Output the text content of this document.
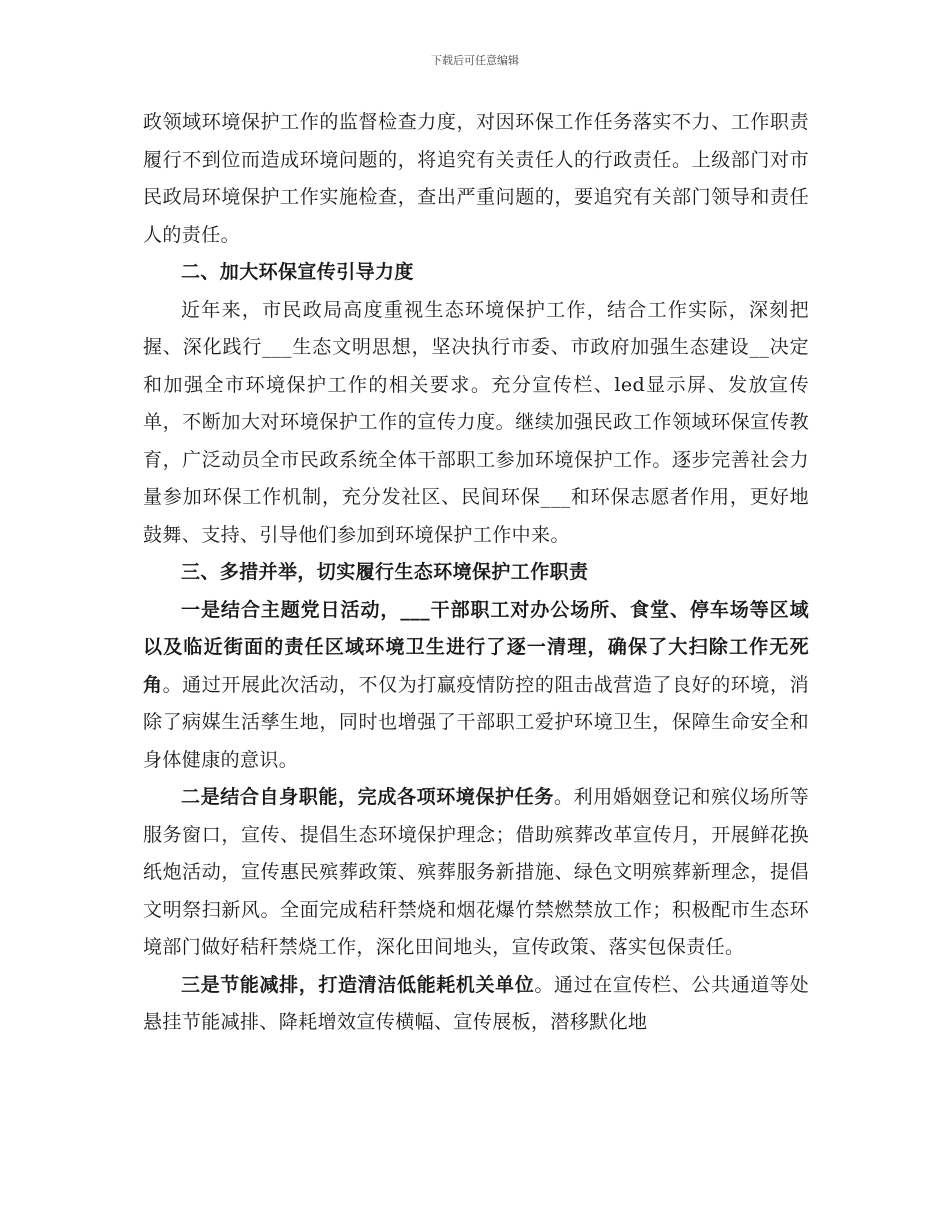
下载后可任意编辑

政领域环境保护工作的监督检查力度，对因环保工作任务落实不力、工作职责履行不到位而造成环境问题的，将追究有关责任人的行政责任。上级部门对市民政局环境保护工作实施检查，查出严重问题的，要追究有关部门领导和责任人的责任。

二、加大环保宣传引导力度

近年来，市民政局高度重视生态环境保护工作，结合工作实际，深刻把握、深化践行___生态文明思想，坚决执行市委、市政府加强生态建设__决定和加强全市环境保护工作的相关要求。充分宣传栏、led显示屏、发放宣传单，不断加大对环境保护工作的宣传力度。继续加强民政工作领域环保宣传教育，广泛动员全市民政系统全体干部职工参加环境保护工作。逐步完善社会力量参加环保工作机制，充分发社区、民间环保___和环保志愿者作用，更好地鼓舞、支持、引导他们参加到环境保护工作中来。

三、多措并举，切实履行生态环境保护工作职责

一是结合主题党日活动，___干部职工对办公场所、食堂、停车场等区域以及临近街面的责任区域环境卫生进行了逐一清理，确保了大扫除工作无死角。通过开展此次活动，不仅为打赢疫情防控的阻击战营造了良好的环境，消除了病媒生活孳生地，同时也增强了干部职工爱护环境卫生，保障生命安全和身体健康的意识。

二是结合自身职能，完成各项环境保护任务。利用婚姻登记和殡仪场所等服务窗口，宣传、提倡生态环境保护理念；借助殡葬改革宣传月，开展鲜花换纸炮活动，宣传惠民殡葬政策、殡葬服务新措施、绿色文明殡葬新理念，提倡文明祭扫新风。全面完成秸秆禁烧和烟花爆竹禁燃禁放工作；积极配市生态环境部门做好秸秆禁烧工作，深化田间地头，宣传政策、落实包保责任。

三是节能减排，打造清洁低能耗机关单位。通过在宣传栏、公共通道等处悬挂节能减排、降耗增效宣传横幅、宣传展板，潜移默化地
